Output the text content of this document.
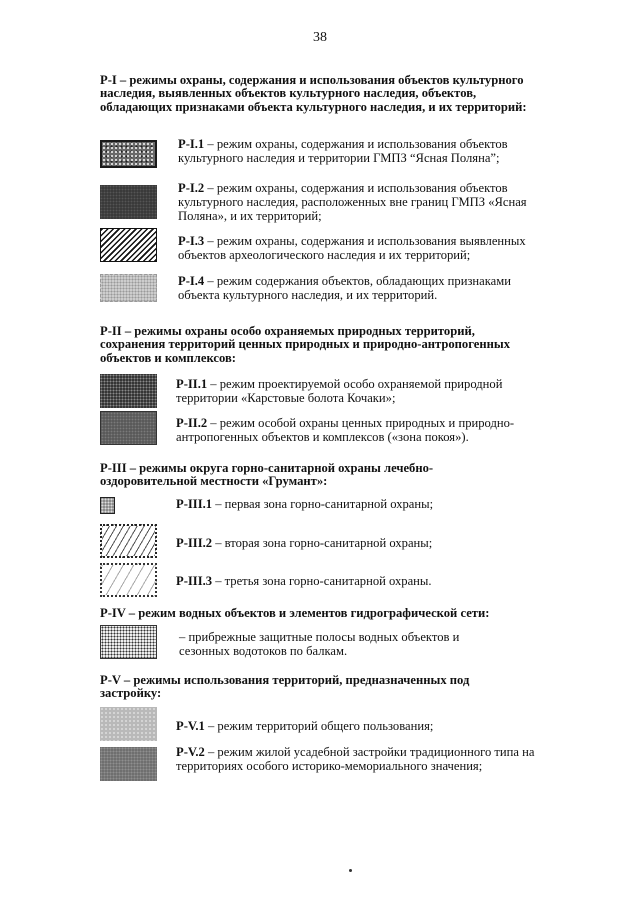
38
Р-I – режимы охраны, содержания и использования объектов культурного наследия, выявленных объектов культурного наследия, объектов, обладающих признаками объекта культурного наследия, и их территорий:
Р-I.1 – режим охраны, содержания и использования объектов культурного наследия и территории ГМПЗ “Ясная Поляна”;
Р-I.2 – режим охраны, содержания и использования объектов культурного наследия, расположенных вне границ ГМПЗ «Ясная Поляна», и их территорий;
Р-I.3 – режим охраны, содержания и использования выявленных объектов археологического наследия и их территорий;
Р-I.4 – режим содержания объектов, обладающих признаками объекта культурного наследия, и их территорий.
Р-II – режимы охраны особо охраняемых природных территорий, сохранения территорий ценных природных и природно-антропогенных объектов и комплексов:
Р-II.1 – режим проектируемой особо охраняемой природной территории «Карстовые болота Кочаки»;
Р-II.2 – режим особой охраны ценных природных и природно-антропогенных объектов и комплексов («зона покоя»).
Р-III – режимы округа горно-санитарной охраны лечебно-оздоровительной местности «Грумант»:
Р-III.1 – первая зона горно-санитарной охраны;
Р-III.2 – вторая зона горно-санитарной охраны;
Р-III.3 – третья зона горно-санитарной охраны.
Р-IV – режим водных объектов и элементов гидрографической сети:
– прибрежные защитные полосы водных объектов и сезонных водотоков по балкам.
Р-V – режимы использования территорий, предназначенных под застройку:
Р-V.1 – режим территорий общего пользования;
Р-V.2 – режим жилой усадебной застройки традиционного типа на территориях особого историко-мемориального значения;
